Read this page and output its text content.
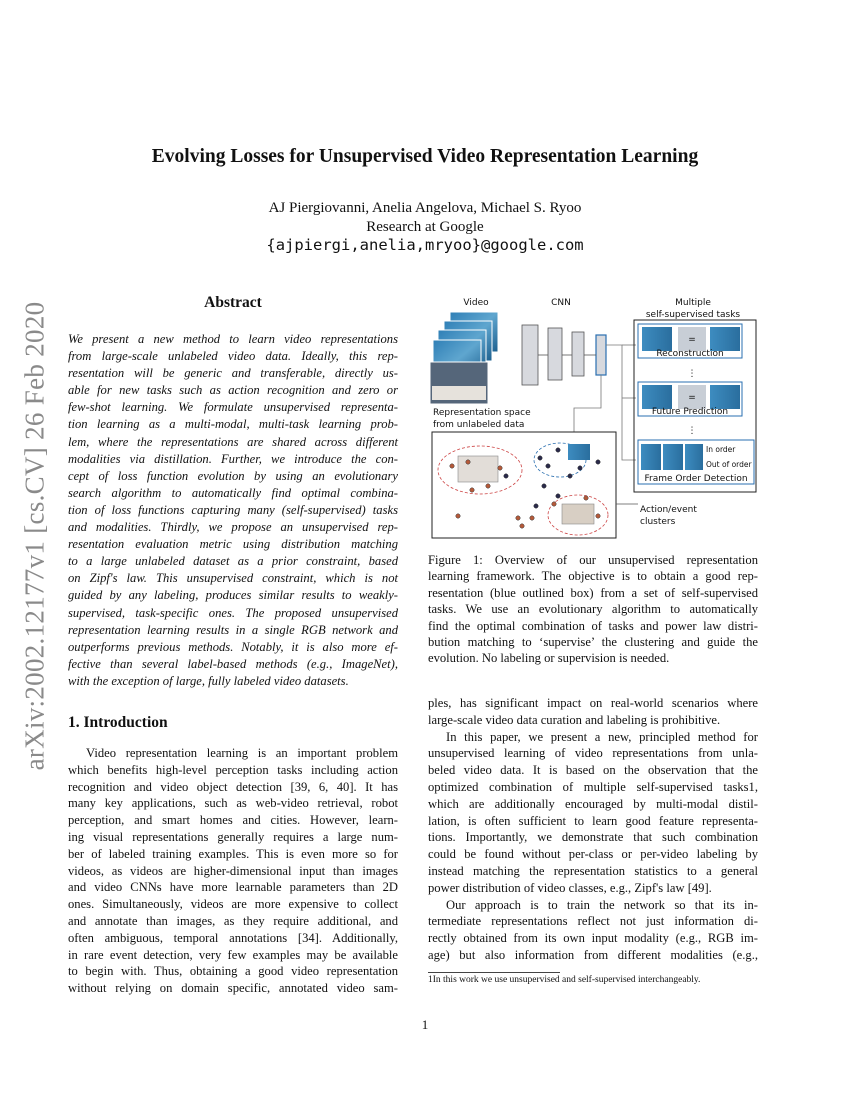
arXiv:2002.12177v1 [cs.CV] 26 Feb 2020
Evolving Losses for Unsupervised Video Representation Learning
AJ Piergiovanni, Anelia Angelova, Michael S. Ryoo
Research at Google
{ajpiergi,anelia,mryoo}@google.com
Abstract
We present a new method to learn video representations
from large-scale unlabeled video data. Ideally, this rep-
resentation will be generic and transferable, directly us-
able for new tasks such as action recognition and zero or
few-shot learning. We formulate unsupervised representa-
tion learning as a multi-modal, multi-task learning prob-
lem, where the representations are shared across different
modalities via distillation. Further, we introduce the con-
cept of loss function evolution by using an evolutionary
search algorithm to automatically find optimal combina-
tion of loss functions capturing many (self-supervised) tasks
and modalities. Thirdly, we propose an unsupervised rep-
resentation evaluation metric using distribution matching
to a large unlabeled dataset as a prior constraint, based
on Zipf's law. This unsupervised constraint, which is not
guided by any labeling, produces similar results to weakly-
supervised, task-specific ones. The proposed unsupervised
representation learning results in a single RGB network and
outperforms previous methods. Notably, it is also more ef-
fective than several label-based methods (e.g., ImageNet),
with the exception of large, fully labeled video datasets.
Video	CNN	Multiple
self-supervised tasks
=
Reconstruction
⋮
=
Future Prediction
⋮
In order
Out of order
Frame Order Detection
Representation space
from unlabeled data
Action/event
clusters
Figure 1: Overview of our unsupervised representation
learning framework. The objective is to obtain a good rep-
resentation (blue outlined box) from a set of self-supervised
tasks. We use an evolutionary algorithm to automatically
find the optimal combination of tasks and power law distri-
bution matching to ‘supervise’ the clustering and guide the
evolution. No labeling or supervision is needed.
1. Introduction
Video representation learning is an important problem
which benefits high-level perception tasks including action
recognition and video object detection [39, 6, 40]. It has
many key applications, such as web-video retrieval, robot
perception, and smart homes and cities. However, learn-
ing visual representations generally requires a large num-
ber of labeled training examples. This is even more so for
videos, as videos are higher-dimensional input than images
and video CNNs have more learnable parameters than 2D
ones. Simultaneously, videos are more expensive to collect
and annotate than images, as they require additional, and
often ambiguous, temporal annotations [34]. Additionally,
in rare event detection, very few examples may be available
to begin with. Thus, obtaining a good video representation
without relying on domain specific, annotated video sam-
ples, has significant impact on real-world scenarios where
large-scale video data curation and labeling is prohibitive.
In this paper, we present a new, principled method for
unsupervised learning of video representations from unla-
beled video data. It is based on the observation that the
optimized combination of multiple self-supervised tasks1,
which are additionally encouraged by multi-modal distil-
lation, is often sufficient to learn good feature representa-
tions. Importantly, we demonstrate that such combination
could be found without per-class or per-video labeling by
instead matching the representation statistics to a general
power distribution of video classes, e.g., Zipf's law [49].
Our approach is to train the network so that its in-
termediate representations reflect not just information di-
rectly obtained from its own input modality (e.g., RGB im-
age) but also information from different modalities (e.g.,
1In this work we use unsupervised and self-supervised interchangeably.
1
